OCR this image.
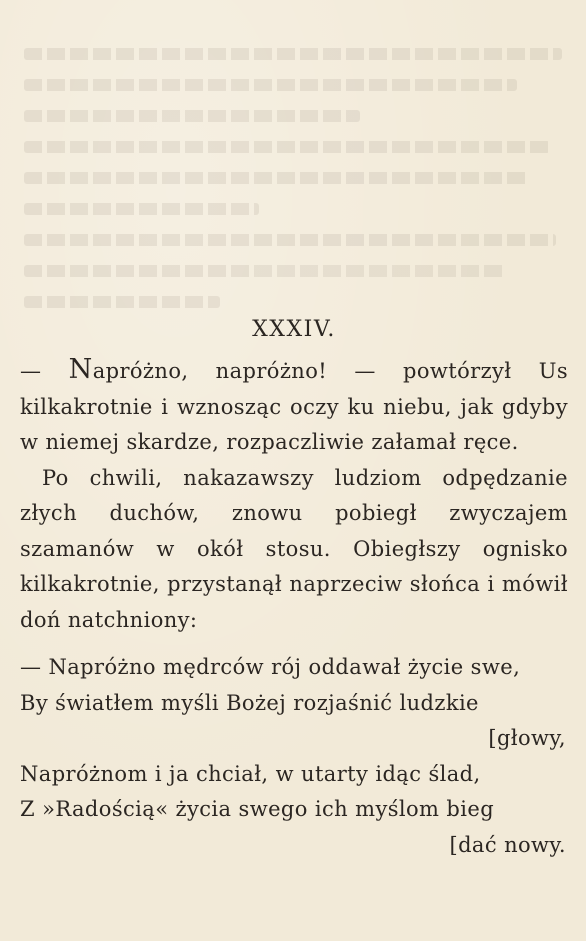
XXXIV.

— Napróżno, napróżno! — powtórzył Us kilkakrotnie i wznosząc oczy ku niebu, jak gdyby w niemej skardze, rozpaczliwie załamał ręce.

Po chwili, nakazawszy ludziom odpędzanie złych duchów, znowu pobiegł zwyczajem szamanów w okół stosu. Obiegłszy ognisko kilkakrotnie, przystanął naprzeciw słońca i mówił doń natchniony:

— Napróżno mędrców rój oddawał życie swe,
By światłem myśli Bożej rozjaśnić ludzkie
[głowy,
Napróżnom i ja chciał, w utarty idąc ślad,
Z »Radością« życia swego ich myślom bieg
[dać nowy.
